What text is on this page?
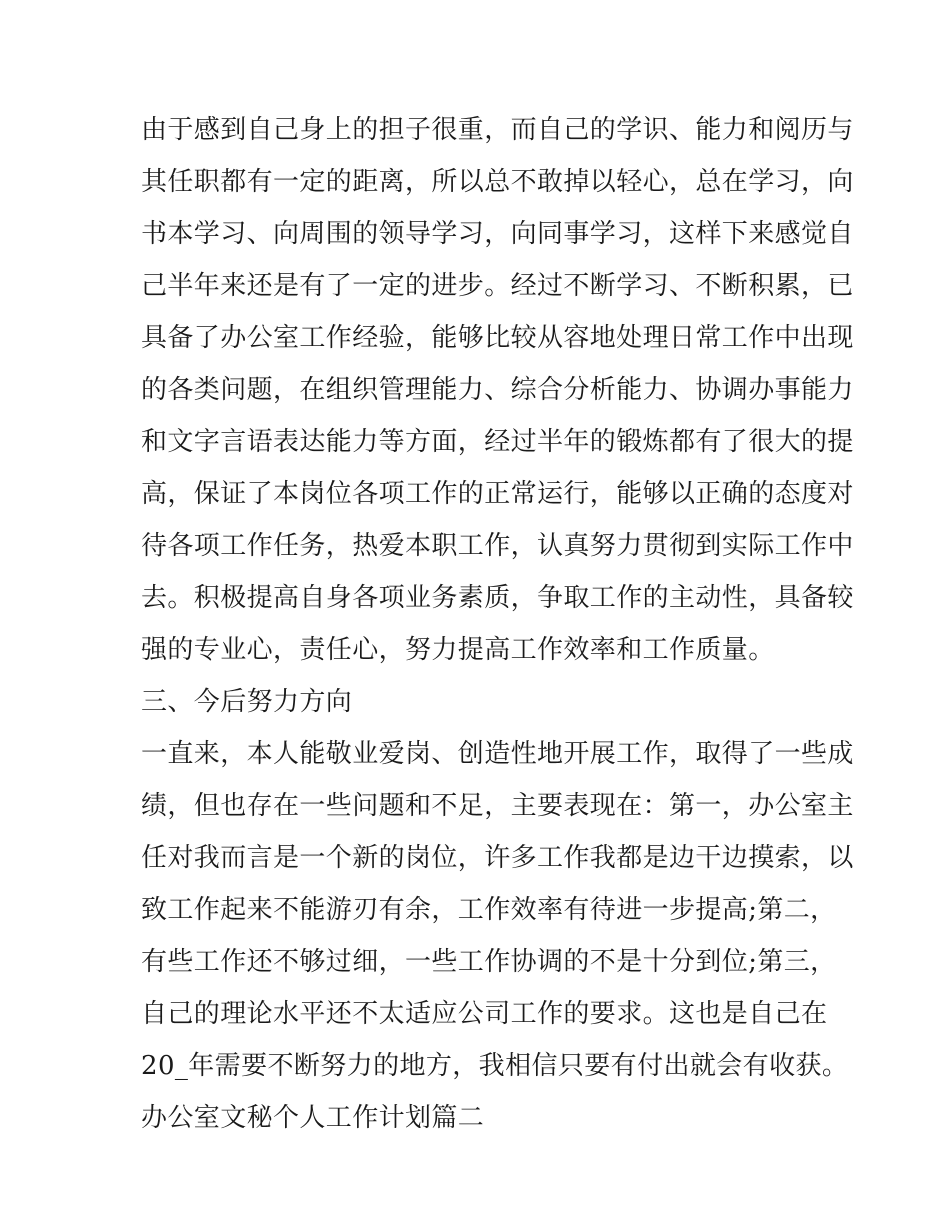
由于感到自己身上的担子很重，而自己的学识、能力和阅历与
其任职都有一定的距离，所以总不敢掉以轻心，总在学习，向
书本学习、向周围的领导学习，向同事学习，这样下来感觉自
己半年来还是有了一定的进步。经过不断学习、不断积累，已
具备了办公室工作经验，能够比较从容地处理日常工作中出现
的各类问题，在组织管理能力、综合分析能力、协调办事能力
和文字言语表达能力等方面，经过半年的锻炼都有了很大的提
高，保证了本岗位各项工作的正常运行，能够以正确的态度对
待各项工作任务，热爱本职工作，认真努力贯彻到实际工作中
去。积极提高自身各项业务素质，争取工作的主动性，具备较
强的专业心，责任心，努力提高工作效率和工作质量。
三、今后努力方向
一直来，本人能敬业爱岗、创造性地开展工作，取得了一些成
绩，但也存在一些问题和不足，主要表现在：第一，办公室主
任对我而言是一个新的岗位，许多工作我都是边干边摸索，以
致工作起来不能游刃有余，工作效率有待进一步提高;第二，
有些工作还不够过细，一些工作协调的不是十分到位;第三，
自己的理论水平还不太适应公司工作的要求。这也是自己在
20_年需要不断努力的地方，我相信只要有付出就会有收获。
办公室文秘个人工作计划篇二
